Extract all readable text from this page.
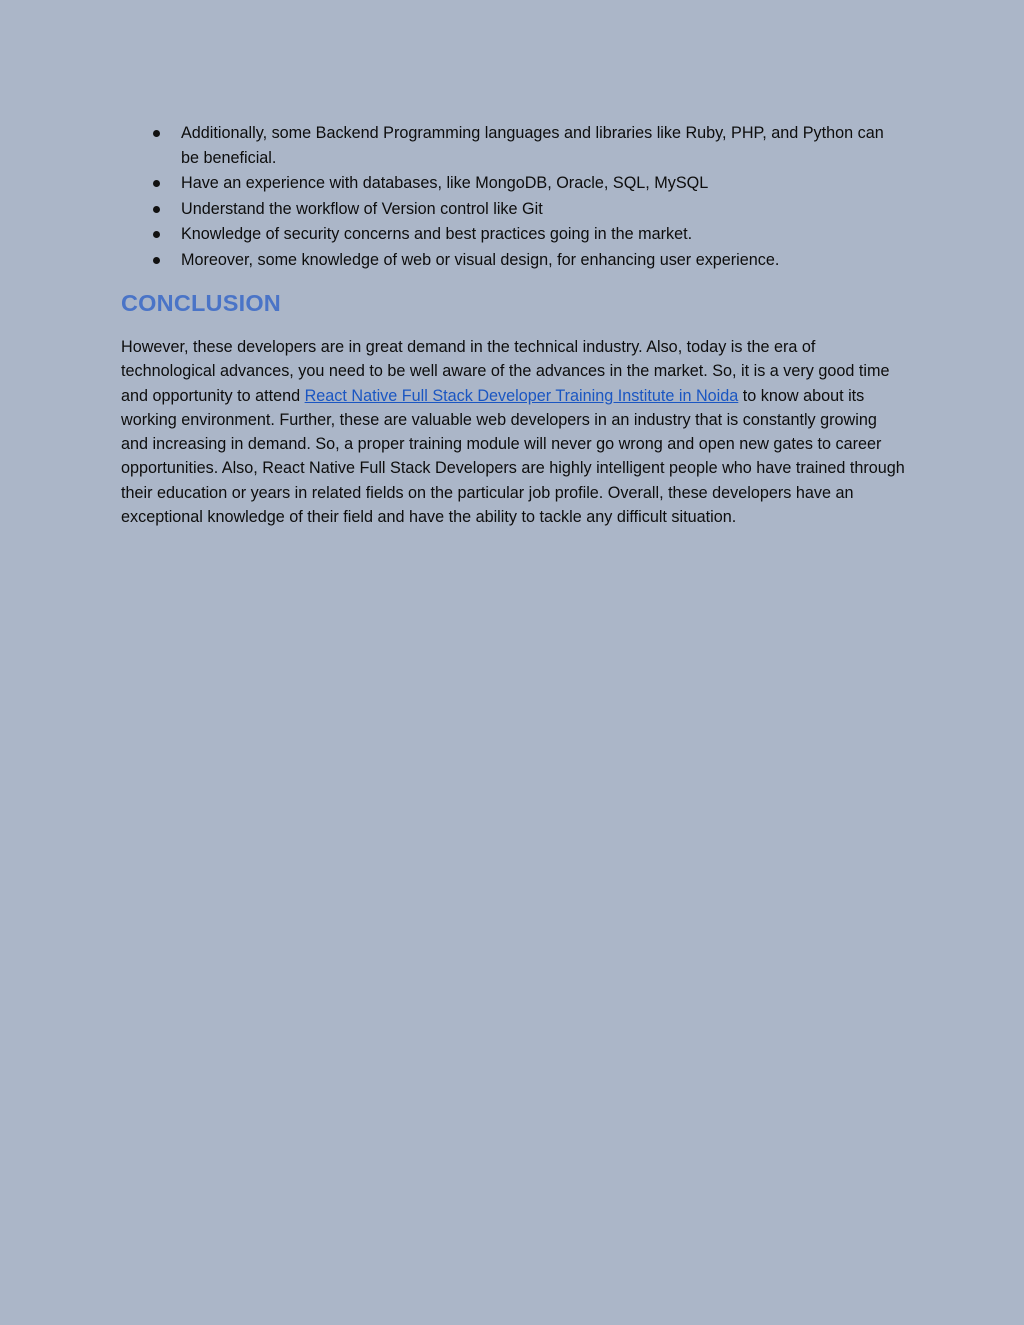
Additionally, some Backend Programming languages and libraries like Ruby, PHP, and Python can be beneficial.
Have an experience with databases, like MongoDB, Oracle, SQL, MySQL
Understand the workflow of Version control like Git
Knowledge of security concerns and best practices going in the market.
Moreover, some knowledge of web or visual design, for enhancing user experience.
CONCLUSION

However, these developers are in great demand in the technical industry. Also, today is the era of technological advances, you need to be well aware of the advances in the market. So, it is a very good time and opportunity to attend React Native Full Stack Developer Training Institute in Noida to know about its working environment. Further, these are valuable web developers in an industry that is constantly growing and increasing in demand. So, a proper training module will never go wrong and open new gates to career opportunities. Also, React Native Full Stack Developers are highly intelligent people who have trained through their education or years in related fields on the particular job profile. Overall, these developers have an exceptional knowledge of their field and have the ability to tackle any difficult situation.
